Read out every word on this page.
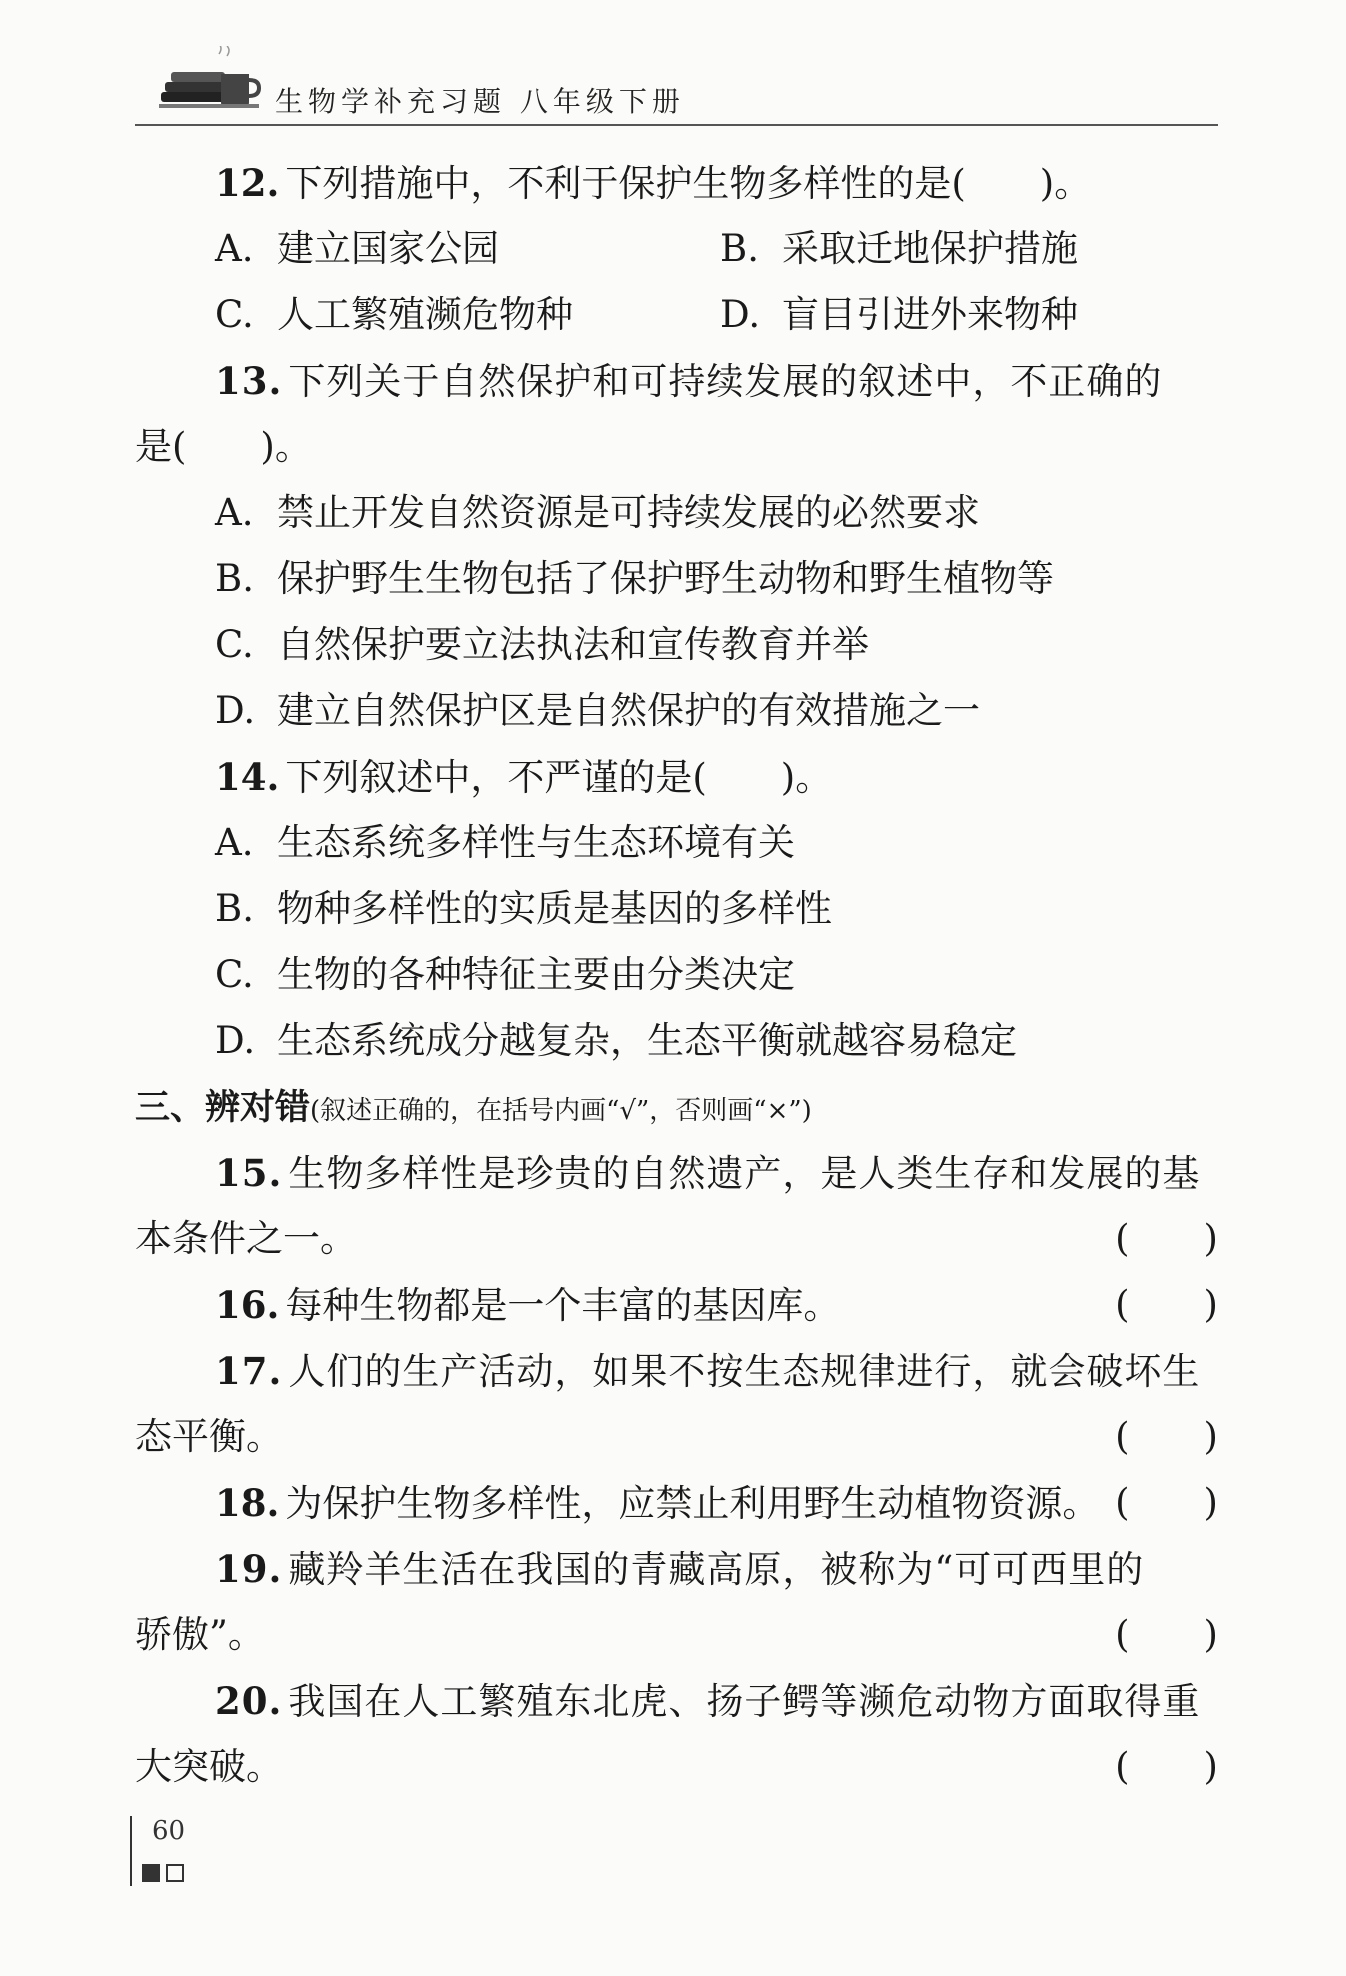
生物学补充习题 八年级下册
12. 下列措施中，不利于保护生物多样性的是(　　)。
A. 建立国家公园	B. 采取迁地保护措施
C. 人工繁殖濒危物种	D. 盲目引进外来物种
13. 下列关于自然保护和可持续发展的叙述中，不正确的
是(　　)。
A. 禁止开发自然资源是可持续发展的必然要求
B. 保护野生生物包括了保护野生动物和野生植物等
C. 自然保护要立法执法和宣传教育并举
D. 建立自然保护区是自然保护的有效措施之一
14. 下列叙述中，不严谨的是(　　)。
A. 生态系统多样性与生态环境有关
B. 物种多样性的实质是基因的多样性
C. 生物的各种特征主要由分类决定
D. 生态系统成分越复杂，生态平衡就越容易稳定
三、辨对错(叙述正确的，在括号内画“√”，否则画“×”)
15. 生物多样性是珍贵的自然遗产，是人类生存和发展的基
本条件之一。	(　　)
16. 每种生物都是一个丰富的基因库。	(　　)
17. 人们的生产活动，如果不按生态规律进行，就会破坏生
态平衡。	(　　)
18. 为保护生物多样性，应禁止利用野生动植物资源。 (　　)
19. 藏羚羊生活在我国的青藏高原，被称为“可可西里的
骄傲”。	(　　)
20. 我国在人工繁殖东北虎、扬子鳄等濒危动物方面取得重
大突破。	(　　)
60
